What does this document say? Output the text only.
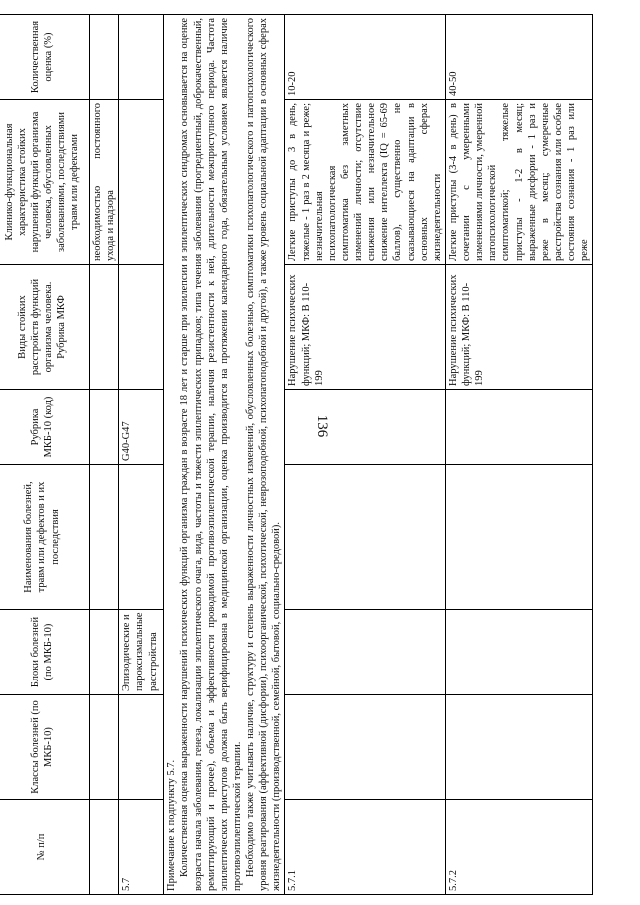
136
№ п/п	Классы болезней (по МКБ-10)	Блоки болезней (по МКБ-10)	Наименования болезней, травм или дефектов и их последствия	Рубрика МКБ-10 (код)	Виды стойких расстройств функций организма человека. Рубрика МКФ	Клинико-функциональная характеристика стойких нарушений функций организма человека, обусловленных заболеваниями, последствиями травм или дефектами	Количественная оценка (%)
						необходимостью постоянного ухода и надзора	
5.7		Эпизодические и пароксизмальные расстройства		G40-G47			

Примечание к подпункту 5.7. Количественная оценка выраженности нарушений психических функций организма граждан в возрасте 18 лет и старше при эпилепсии и эпилептических синдромах основывается на оценке возраста начала заболевания, генеза, локализации эпилептического очага, вида, частоты и тяжести эпилептических припадков; типа течения заболевания (прогредиентный, доброкачественный, ремиттирующий и прочее), объема и эффективности проводимой противоэпилептической терапии, наличия резистентности к ней, длительности межприступного периода. Частота эпилептических приступов должна быть верифицирована в медицинской организации, оценка производится на протяжении календарного года, обязательным условием является наличие противоэпилептической терапии. Необходимо также учитывать наличие, структуру и степень выраженности личностных изменений, обусловленных болезнью, симптоматики психопатологического и патопсихологического уровня реагирования (аффективной (дисфории), психоорганической, психотической, неврозоподобной, психопатоподобной и другой), а также уровень социальной адаптации в основных сферах жизнедеятельности (производственной, семейной, бытовой, социально-средовой).							

5.7.1					Нарушение психических функций; МКФ: В 110-199	Легкие приступы до 3 в день, тяжелые - 1 раз в 2 месяца и реже; незначительная психопатологическая симптоматика без заметных изменений личности; отсутствие снижения или незначительное снижение интеллекта (IQ = 65-69 баллов), существенно не сказывающиеся на адаптации в основных сферах жизнедеятельности	10-20
5.7.2					Нарушение психических функций; МКФ: В 110-199	Легкие приступы (3-4 в день) в сочетании с умеренными изменениями личности, умеренной патопсихологической симптоматикой; тяжелые приступы - 1-2 в месяц; выраженные дисфории - 1 раз и реже в месяц; сумеречные расстройства сознания или особые состояния сознания - 1 раз или реже	40-50
